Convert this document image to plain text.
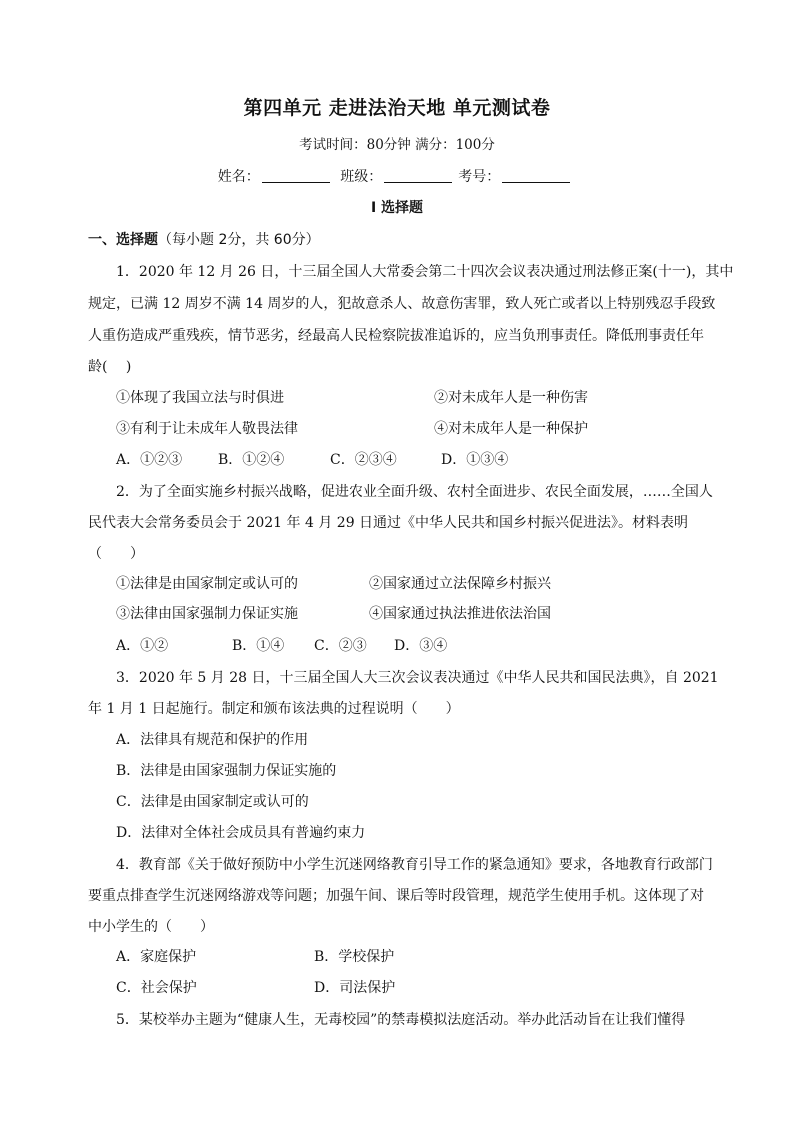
第四单元 走进法治天地 单元测试卷
考试时间：80分钟 满分：100分
姓名：	班级：	考号：
I 选择题
一、选择题（每小题 2分，共 60分）
1．2020 年 12 月 26 日，十三届全国人大常委会第二十四次会议表决通过刑法修正案(十一)，其中
规定，已满 12 周岁不满 14 周岁的人，犯故意杀人、故意伤害罪，致人死亡或者以上特别残忍手段致
人重伤造成严重残疾，情节恶劣，经最高人民检察院拔准追诉的，应当负刑事责任。降低刑事责任年
龄(　 )
①体现了我国立法与时俱进	②对未成年人是一种伤害
③有利于让未成年人敬畏法律	④对未成年人是一种保护
A．①②③	B．①②④	C．②③④	D．①③④
2．为了全面实施乡村振兴战略，促进农业全面升级、农村全面进步、农民全面发展，……全国人
民代表大会常务委员会于 2021 年 4 月 29 日通过《中华人民共和国乡村振兴促进法》。材料表明
（　　）
①法律是由国家制定或认可的	②国家通过立法保障乡村振兴
③法律由国家强制力保证实施	④国家通过执法推进依法治国
A．①②	B．①④ C．②③ D．③④
3．2020 年 5 月 28 日，十三届全国人大三次会议表决通过《中华人民共和国民法典》，自 2021
年 1 月 1 日起施行。制定和颁布该法典的过程说明（　　）
A．法律具有规范和保护的作用
B．法律是由国家强制力保证实施的
C．法律是由国家制定或认可的
D．法律对全体社会成员具有普遍约束力
4．教育部《关于做好预防中小学生沉迷网络教育引导工作的紧急通知》要求，各地教育行政部门
要重点排查学生沉迷网络游戏等问题；加强午间、课后等时段管理，规范学生使用手机。这体现了对
中小学生的（　　）
A．家庭保护	B．学校保护
C．社会保护	D．司法保护
5．某校举办主题为“健康人生，无毒校园”的禁毒模拟法庭活动。举办此活动旨在让我们懂得
